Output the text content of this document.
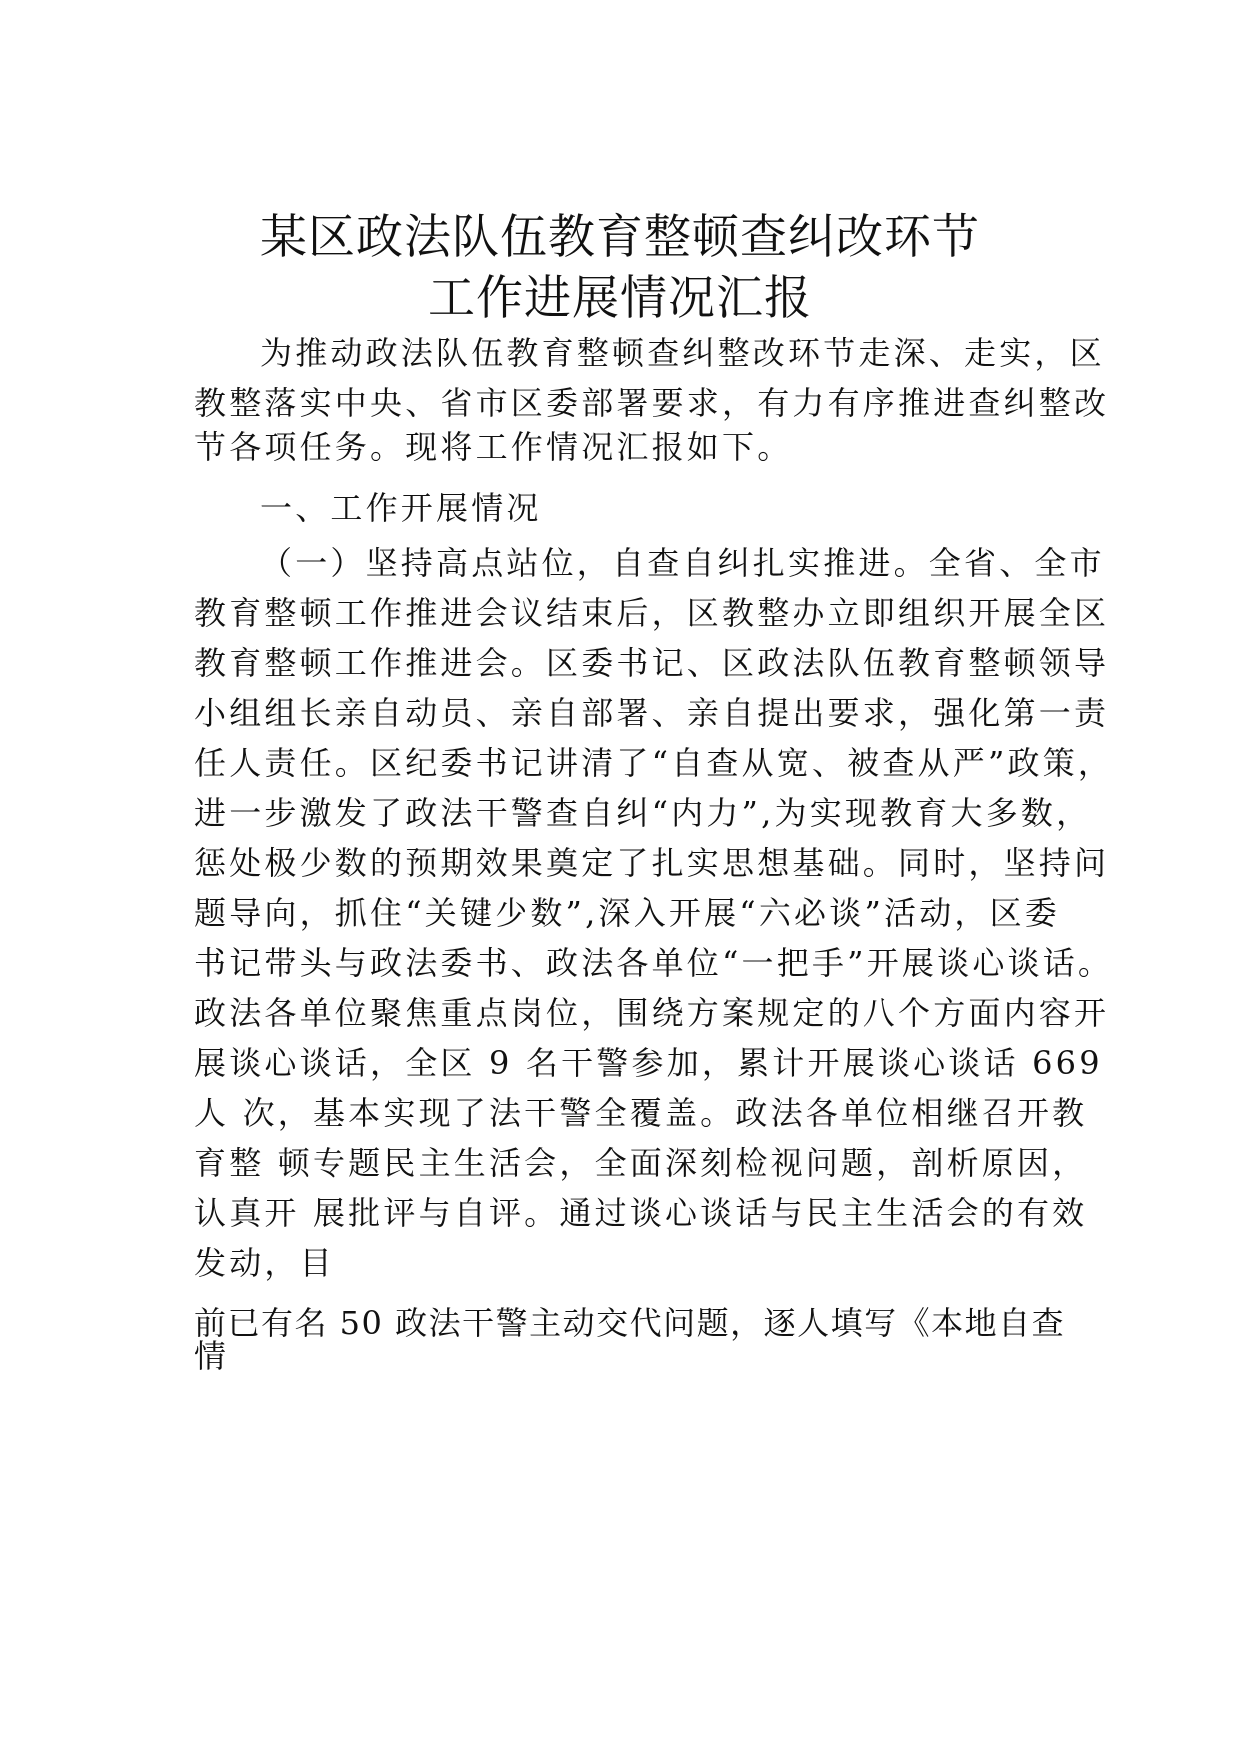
某区政法队伍教育整顿查纠改环节
工作进展情况汇报
为推动政法队伍教育整顿查纠整改环节走深、走实，区
教整落实中央、省市区委部署要求，有力有序推进查纠整改
节各项任务。现将工作情况汇报如下。
一、工作开展情况
（一）坚持高点站位，自查自纠扎实推进。全省、全市
教育整顿工作推进会议结束后，区教整办立即组织开展全区
教育整顿工作推进会。区委书记、区政法队伍教育整顿领导
小组组长亲自动员、亲自部署、亲自提出要求，强化第一责
任人责任。区纪委书记讲清了“自查从宽、被查从严”政策，
进一步激发了政法干警查自纠“内力”,为实现教育大多数，
惩处极少数的预期效果奠定了扎实思想基础。同时，坚持问
题导向，抓住“关键少数”,深入开展“六必谈”活动，区委
书记带头与政法委书、政法各单位“一把手”开展谈心谈话。
政法各单位聚焦重点岗位，围绕方案规定的八个方面内容开
展谈心谈话，全区 9 名干警参加，累计开展谈心谈话 669
人 次，基本实现了法干警全覆盖。政法各单位相继召开教
育整 顿专题民主生活会，全面深刻检视问题，剖析原因，
认真开 展批评与自评。通过谈心谈话与民主生活会的有效
发动，目
前已有名 50 政法干警主动交代问题，逐人填写《本地自查
情
